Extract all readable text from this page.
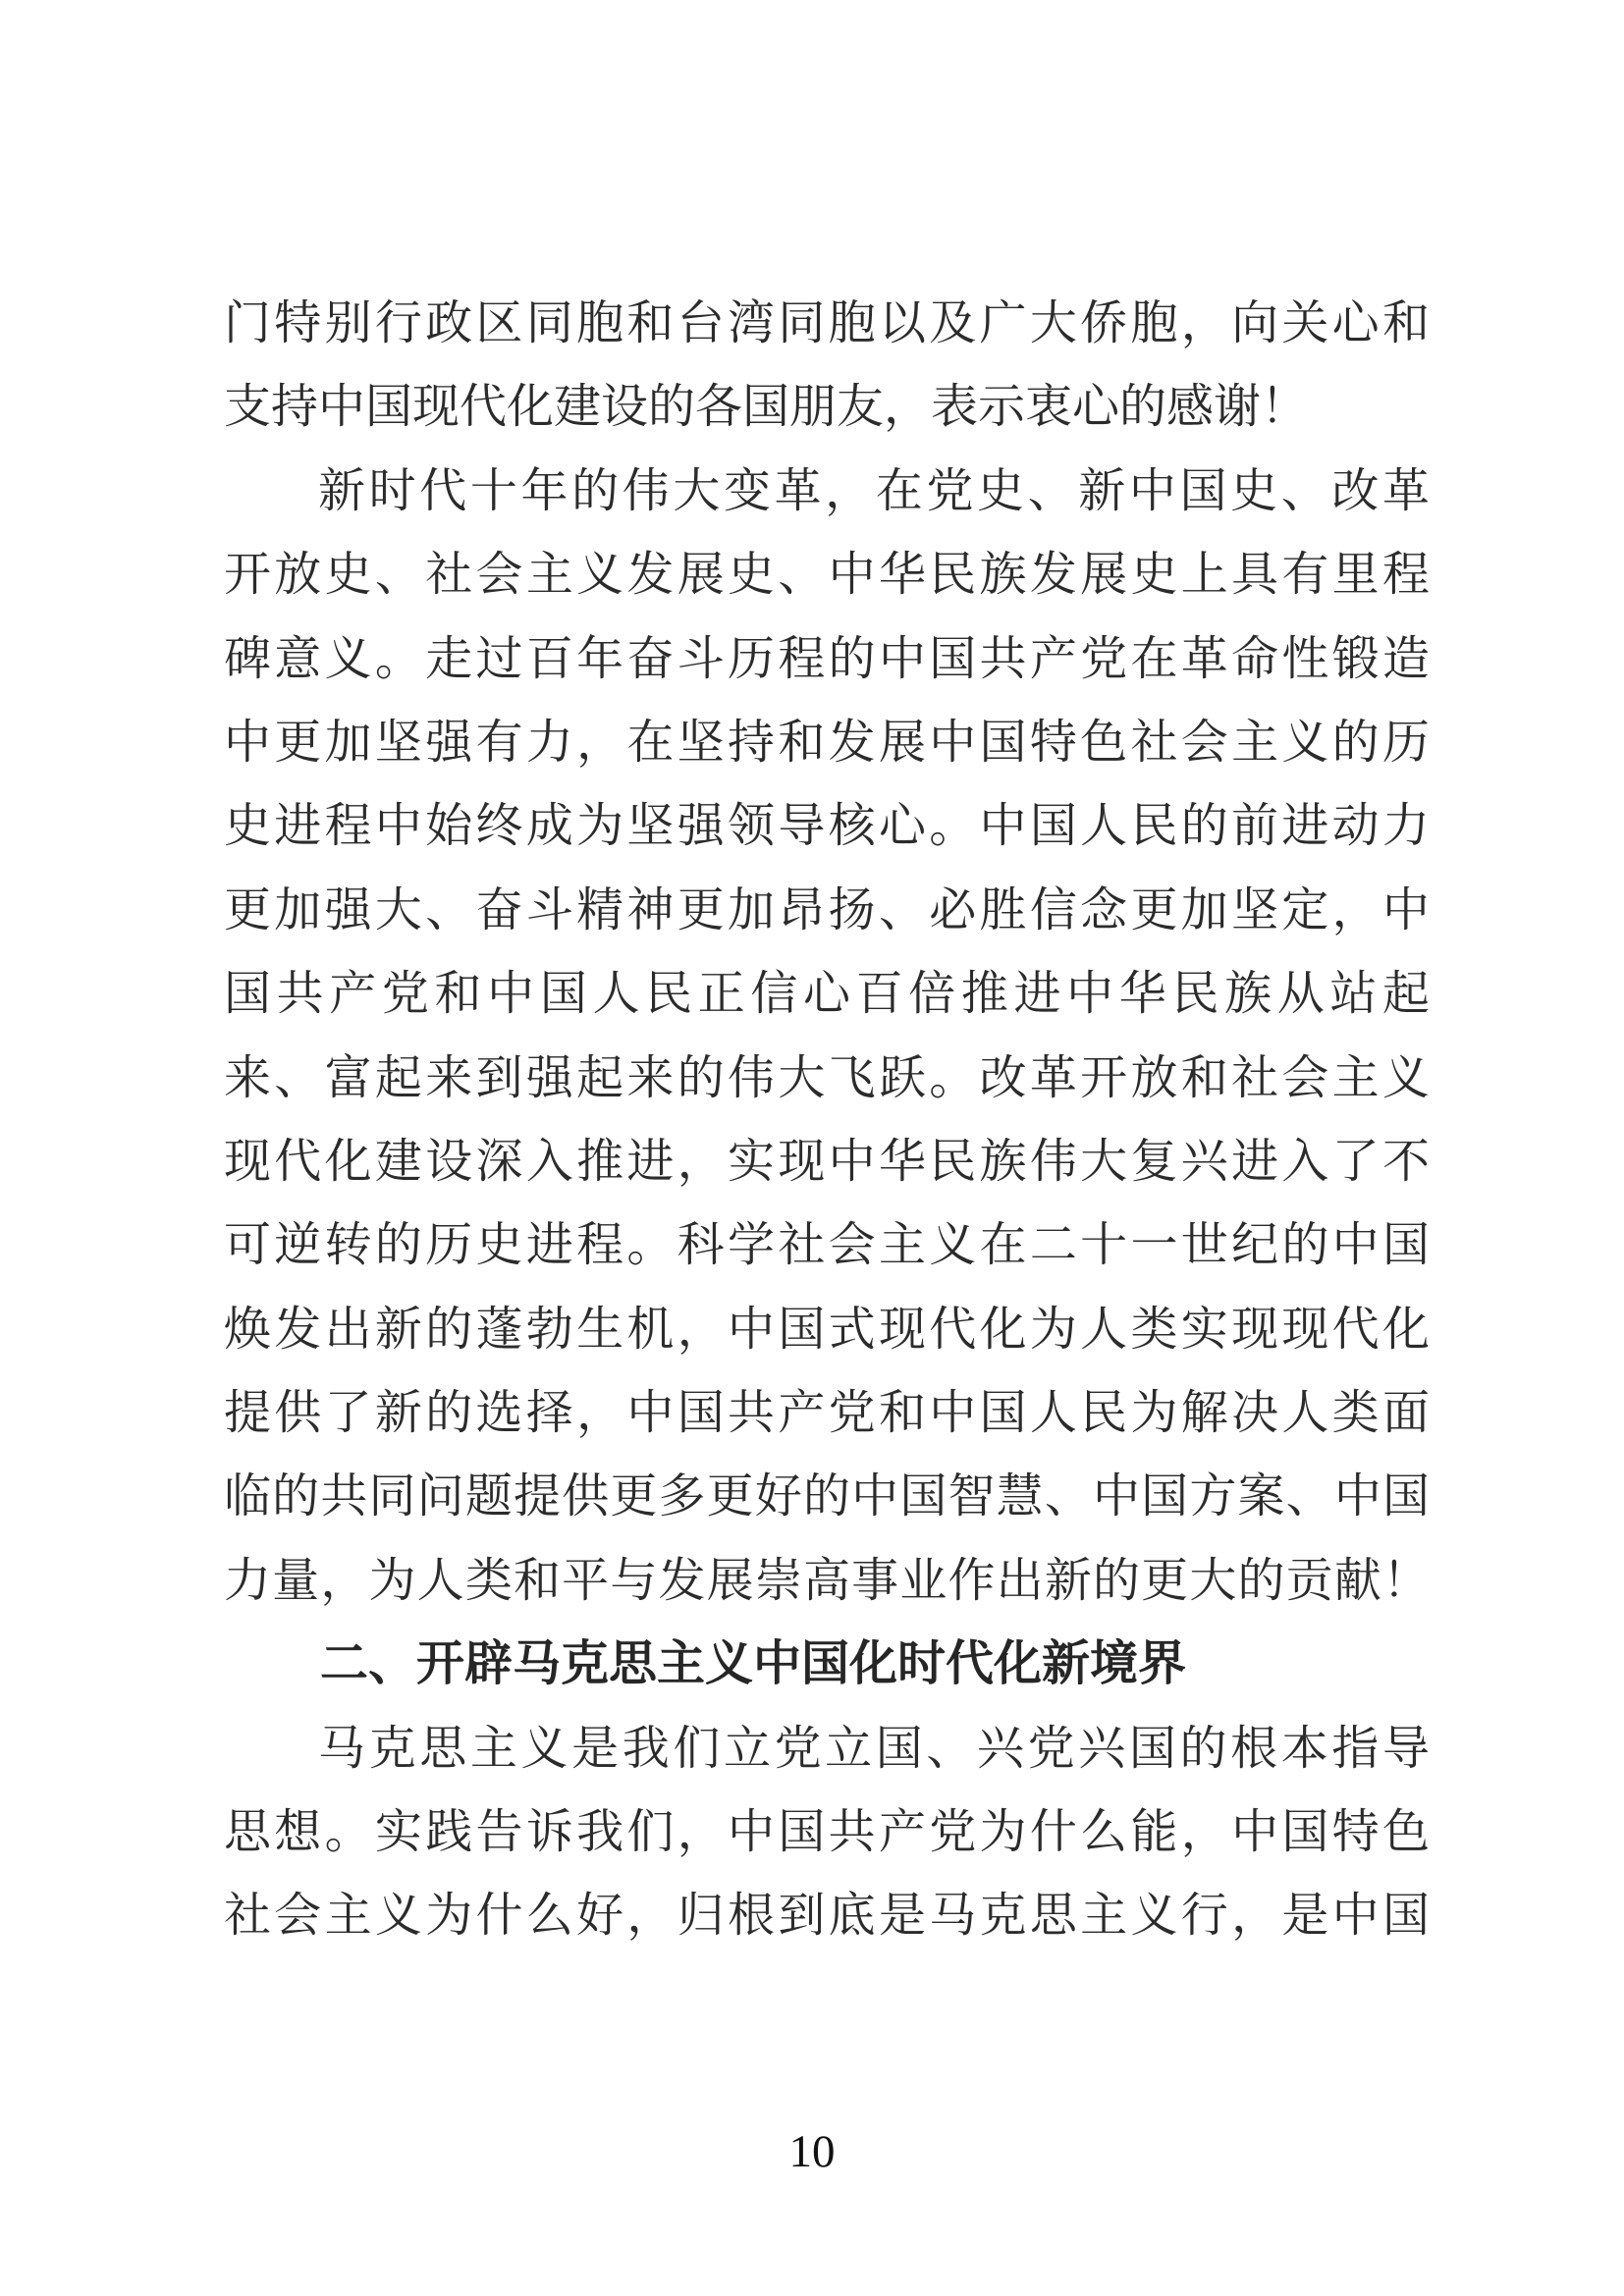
门特别行政区同胞和台湾同胞以及广大侨胞，向关心和
支持中国现代化建设的各国朋友，表示衷心的感谢！
新时代十年的伟大变革，在党史、新中国史、改革
开放史、社会主义发展史、中华民族发展史上具有里程
碑意义。走过百年奋斗历程的中国共产党在革命性锻造
中更加坚强有力，在坚持和发展中国特色社会主义的历
史进程中始终成为坚强领导核心。中国人民的前进动力
更加强大、奋斗精神更加昂扬、必胜信念更加坚定，中
国共产党和中国人民正信心百倍推进中华民族从站起
来、富起来到强起来的伟大飞跃。改革开放和社会主义
现代化建设深入推进，实现中华民族伟大复兴进入了不
可逆转的历史进程。科学社会主义在二十一世纪的中国
焕发出新的蓬勃生机，中国式现代化为人类实现现代化
提供了新的选择，中国共产党和中国人民为解决人类面
临的共同问题提供更多更好的中国智慧、中国方案、中国
力量，为人类和平与发展崇高事业作出新的更大的贡献！
二、开辟马克思主义中国化时代化新境界
马克思主义是我们立党立国、兴党兴国的根本指导
思想。实践告诉我们，中国共产党为什么能，中国特色
社会主义为什么好，归根到底是马克思主义行，是中国
10
